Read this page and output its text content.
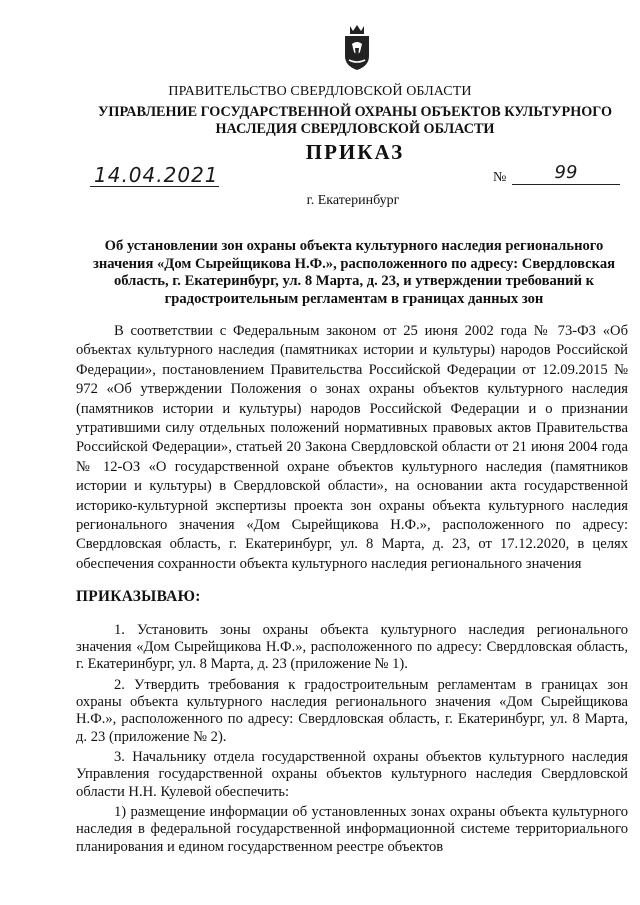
ПРАВИТЕЛЬСТВО СВЕРДЛОВСКОЙ ОБЛАСТИ
УПРАВЛЕНИЕ ГОСУДАРСТВЕННОЙ ОХРАНЫ ОБЪЕКТОВ КУЛЬТУРНОГО НАСЛЕДИЯ СВЕРДЛОВСКОЙ ОБЛАСТИ
ПРИКАЗ
14.04.2021	№	99
г. Екатеринбург
Об установлении зон охраны объекта культурного наследия регионального значения «Дом Сырейщикова Н.Ф.», расположенного по адресу: Свердловская область, г. Екатеринбург, ул. 8 Марта, д. 23, и утверждении требований к градостроительным регламентам в границах данных зон

В соответствии с Федеральным законом от 25 июня 2002 года № 73-ФЗ «Об объектах культурного наследия (памятниках истории и культуры) народов Российской Федерации», постановлением Правительства Российской Федерации от 12.09.2015 № 972 «Об утверждении Положения о зонах охраны объектов культурного наследия (памятников истории и культуры) народов Российской Федерации и о признании утратившими силу отдельных положений нормативных правовых актов Правительства Российской Федерации», статьей 20 Закона Свердловской области от 21 июня 2004 года № 12-ОЗ «О государственной охране объектов культурного наследия (памятников истории и культуры) в Свердловской области», на основании акта государственной историко-культурной экспертизы проекта зон охраны объекта культурного наследия регионального значения «Дом Сырейщикова Н.Ф.», расположенного по адресу: Свердловская область, г. Екатеринбург, ул. 8 Марта, д. 23, от 17.12.2020, в целях обеспечения сохранности объекта культурного наследия регионального значения

ПРИКАЗЫВАЮ:

1. Установить зоны охраны объекта культурного наследия регионального значения «Дом Сырейщикова Н.Ф.», расположенного по адресу: Свердловская область, г. Екатеринбург, ул. 8 Марта, д. 23 (приложение № 1).

2. Утвердить требования к градостроительным регламентам в границах зон охраны объекта культурного наследия регионального значения «Дом Сырейщикова Н.Ф.», расположенного по адресу: Свердловская область, г. Екатеринбург, ул. 8 Марта, д. 23 (приложение № 2).

3. Начальнику отдела государственной охраны объектов культурного наследия Управления государственной охраны объектов культурного наследия Свердловской области Н.Н. Кулевой обеспечить:

1) размещение информации об установленных зонах охраны объекта культурного наследия в федеральной государственной информационной системе территориального планирования и едином государственном реестре объектов
